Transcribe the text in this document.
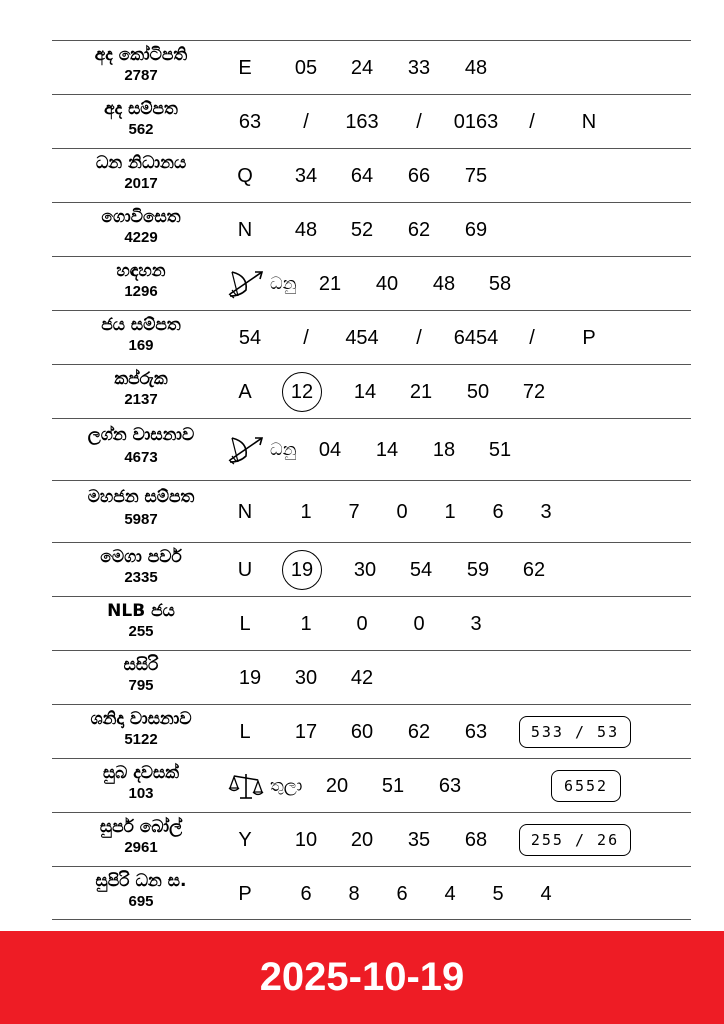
අද කෝටිපති
2787	E 05 24 33 48
අද සම්පත
562	63 / 163 / 0163 / N
ධන නිධානය
2017	Q 34 64 66 75
ගොවිසෙත
4229	N 48 52 62 69
හඳහන
1296	ධනු 21 40 48 58
ජය සම්පත
169	54 / 454 / 6454 / P
කප්රුක
2137	A	12	14 21 50 72
ලග්න වාසනාව
4673	ධනු 04 14 18 51
මහජන සම්පත
5987	N 1 7 0 1 6 3
මෙගා පවර්
2335	U	19	30 54 59 62
NLB ජය
255	L 1 0 0 3
සසිරි
795	19 30 42
ශනිදා වාසනාව
5122	L 17 60 62 63	533 / 53
සුබ දවසක්
103	තුලා 20 51 63	6552
සුපර් බෝල්
2961	Y 10 20 35 68	255 / 26
සුපිරි ධන ස.
695	P 6 8 6 4 5 4
2025-10-19
